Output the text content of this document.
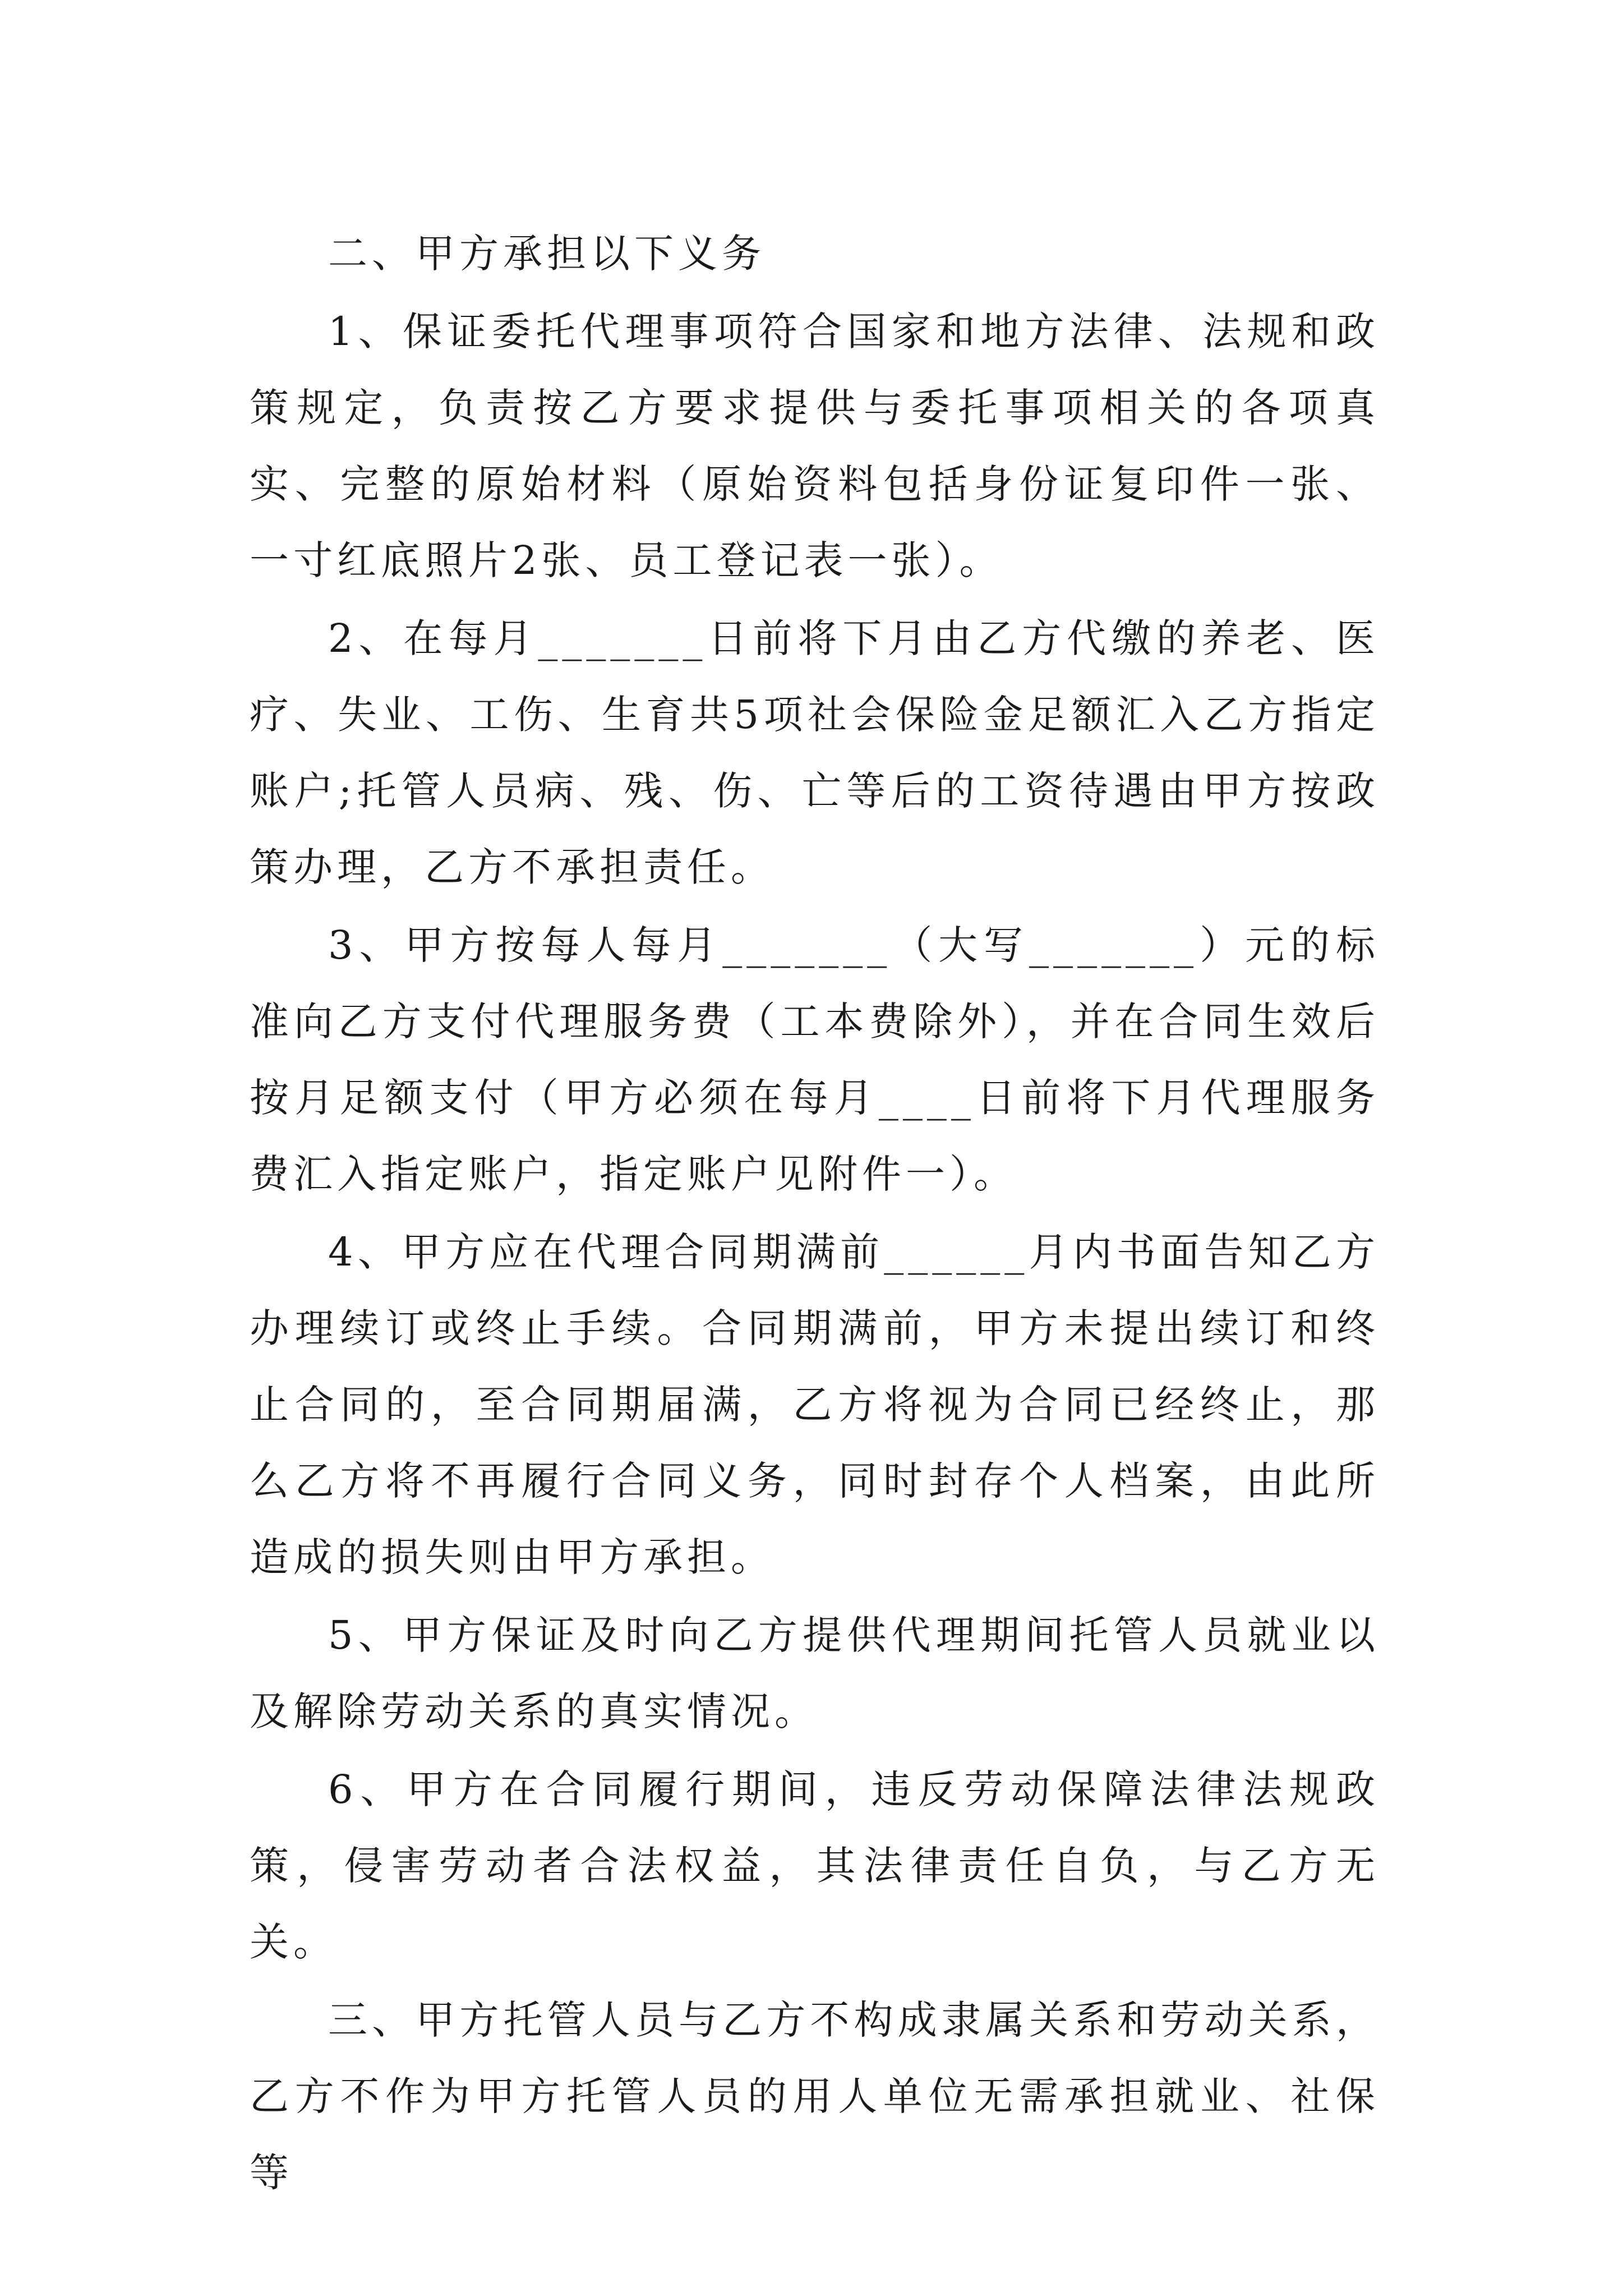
二、甲方承担以下义务

1、保证委托代理事项符合国家和地方法律、法规和政策规定，负责按乙方要求提供与委托事项相关的各项真实、完整的原始材料（原始资料包括身份证复印件一张、一寸红底照片2张、员工登记表一张）。

2、在每月_______日前将下月由乙方代缴的养老、医疗、失业、工伤、生育共5项社会保险金足额汇入乙方指定账户;托管人员病、残、伤、亡等后的工资待遇由甲方按政策办理，乙方不承担责任。

3、甲方按每人每月_______（大写_______）元的标准向乙方支付代理服务费（工本费除外），并在合同生效后按月足额支付（甲方必须在每月____日前将下月代理服务费汇入指定账户，指定账户见附件一）。

4、甲方应在代理合同期满前______月内书面告知乙方办理续订或终止手续。合同期满前，甲方未提出续订和终止合同的，至合同期届满，乙方将视为合同已经终止，那么乙方将不再履行合同义务，同时封存个人档案，由此所造成的损失则由甲方承担。

5、甲方保证及时向乙方提供代理期间托管人员就业以及解除劳动关系的真实情况。

6、甲方在合同履行期间，违反劳动保障法律法规政策，侵害劳动者合法权益，其法律责任自负，与乙方无关。

三、甲方托管人员与乙方不构成隶属关系和劳动关系，乙方不作为甲方托管人员的用人单位无需承担就业、社保等
